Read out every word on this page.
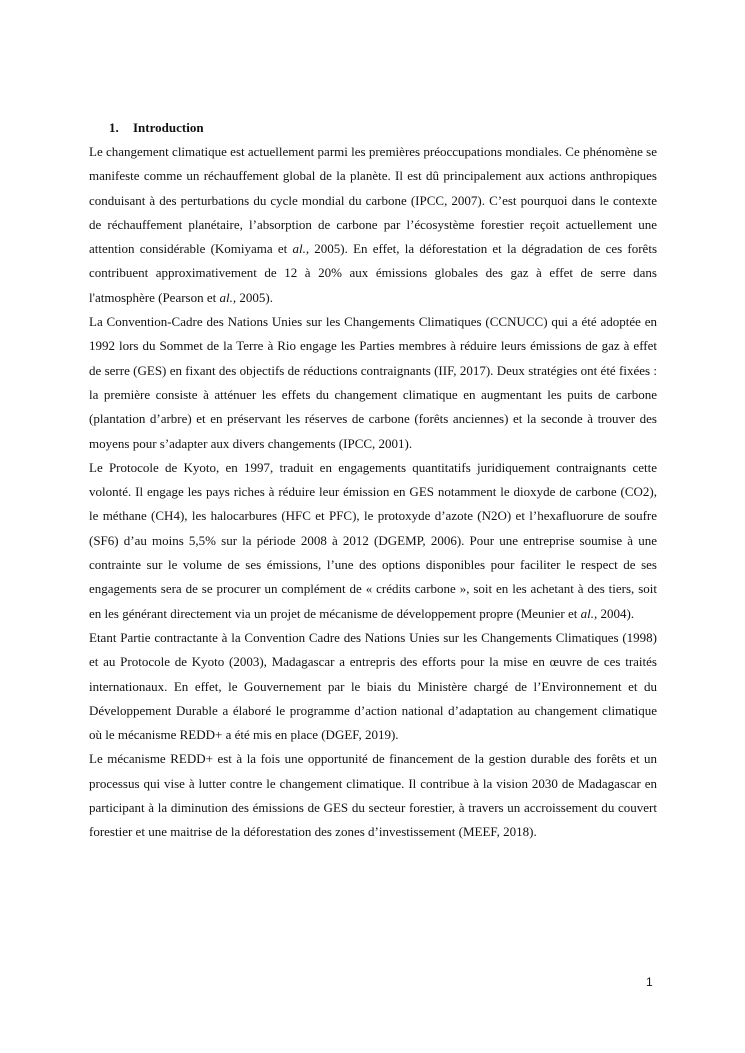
1. Introduction

Le changement climatique est actuellement parmi les premières préoccupations mondiales. Ce phénomène se manifeste comme un réchauffement global de la planète. Il est dû principalement aux actions anthropiques conduisant à des perturbations du cycle mondial du carbone (IPCC, 2007). C’est pourquoi dans le contexte de réchauffement planétaire, l’absorption de carbone par l’écosystème forestier reçoit actuellement une attention considérable (Komiyama et al., 2005). En effet, la déforestation et la dégradation de ces forêts contribuent approximativement de 12 à 20% aux émissions globales des gaz à effet de serre dans l'atmosphère (Pearson et al., 2005).

La Convention-Cadre des Nations Unies sur les Changements Climatiques (CCNUCC) qui a été adoptée en 1992 lors du Sommet de la Terre à Rio engage les Parties membres à réduire leurs émissions de gaz à effet de serre (GES) en fixant des objectifs de réductions contraignants (IIF, 2017). Deux stratégies ont été fixées : la première consiste à atténuer les effets du changement climatique en augmentant les puits de carbone (plantation d’arbre) et en préservant les réserves de carbone (forêts anciennes) et la seconde à trouver des moyens pour s’adapter aux divers changements (IPCC, 2001).

Le Protocole de Kyoto, en 1997, traduit en engagements quantitatifs juridiquement contraignants cette volonté. Il engage les pays riches à réduire leur émission en GES notamment le dioxyde de carbone (CO2), le méthane (CH4), les halocarbures (HFC et PFC), le protoxyde d’azote (N2O) et l’hexafluorure de soufre (SF6) d’au moins 5,5% sur la période 2008 à 2012 (DGEMP, 2006). Pour une entreprise soumise à une contrainte sur le volume de ses émissions, l’une des options disponibles pour faciliter le respect de ses engagements sera de se procurer un complément de « crédits carbone », soit en les achetant à des tiers, soit en les générant directement via un projet de mécanisme de développement propre (Meunier et al., 2004).

Etant Partie contractante à la Convention Cadre des Nations Unies sur les Changements Climatiques (1998) et au Protocole de Kyoto (2003), Madagascar a entrepris des efforts pour la mise en œuvre de ces traités internationaux. En effet, le Gouvernement par le biais du Ministère chargé de l’Environnement et du Développement Durable a élaboré le programme d’action national d’adaptation au changement climatique où le mécanisme REDD+ a été mis en place (DGEF, 2019).

Le mécanisme REDD+ est à la fois une opportunité de financement de la gestion durable des forêts et un processus qui vise à lutter contre le changement climatique. Il contribue à la vision 2030 de Madagascar en participant à la diminution des émissions de GES du secteur forestier, à travers un accroissement du couvert forestier et une maitrise de la déforestation des zones d’investissement (MEEF, 2018).

1
